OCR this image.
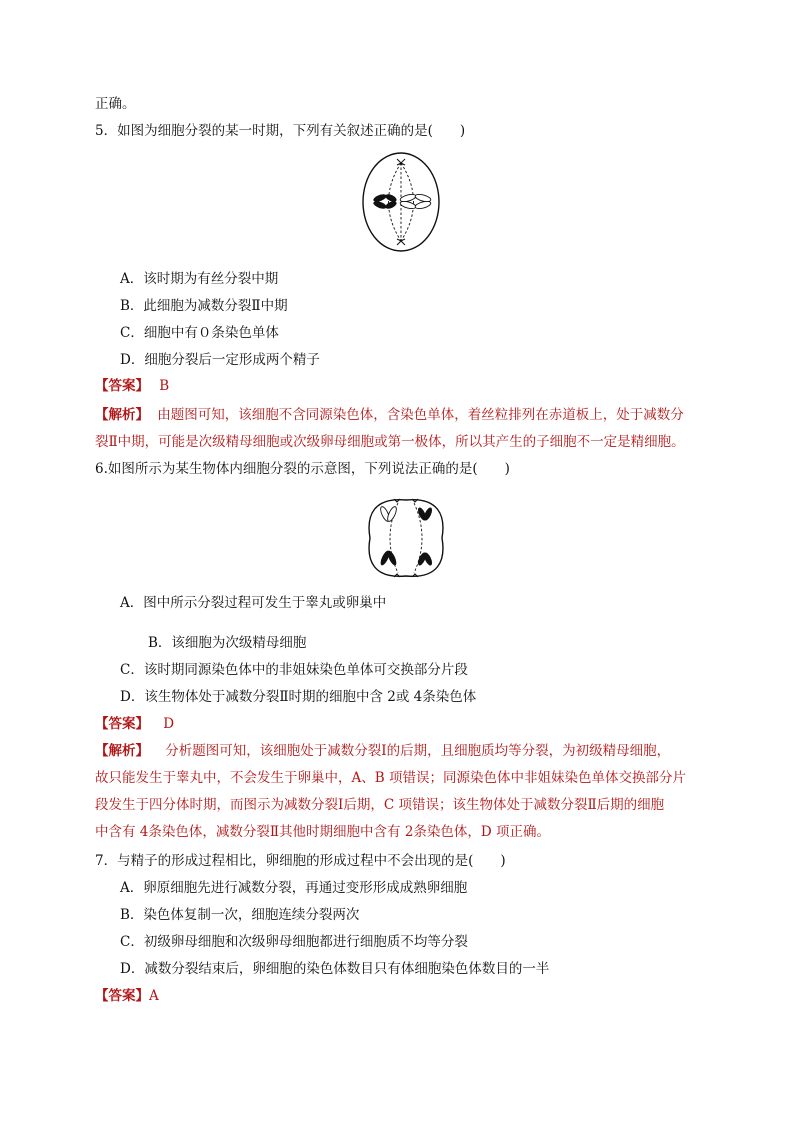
正确。
5．如图为细胞分裂的某一时期，下列有关叙述正确的是(　　)
A．该时期为有丝分裂中期
B．此细胞为减数分裂Ⅱ中期
C．细胞中有０条染色单体
D．细胞分裂后一定形成两个精子
【答案】 B
【解析】 由题图可知，该细胞不含同源染色体，含染色单体，着丝粒排列在赤道板上，处于减数分
裂Ⅱ中期，可能是次级精母细胞或次级卵母细胞或第一极体，所以其产生的子细胞不一定是精细胞。
6.如图所示为某生物体内细胞分裂的示意图，下列说法正确的是(　　)
A．图中所示分裂过程可发生于睾丸或卵巢中
B．该细胞为次级精母细胞
C．该时期同源染色体中的非姐妹染色单体可交换部分片段
D．该生物体处于减数分裂Ⅱ时期的细胞中含 2或 4条染色体
【答案】 D
【解析】 分析题图可知，该细胞处于减数分裂Ⅰ的后期，且细胞质均等分裂，为初级精母细胞，
故只能发生于睾丸中，不会发生于卵巢中，A、B 项错误；同源染色体中非姐妹染色单体交换部分片
段发生于四分体时期，而图示为减数分裂Ⅰ后期，C 项错误；该生物体处于减数分裂Ⅱ后期的细胞
中含有 4条染色体，减数分裂Ⅱ其他时期细胞中含有 2条染色体，D 项正确。
7．与精子的形成过程相比，卵细胞的形成过程中不会出现的是(　　)
A．卵原细胞先进行减数分裂，再通过变形形成成熟卵细胞
B．染色体复制一次，细胞连续分裂两次
C．初级卵母细胞和次级卵母细胞都进行细胞质不均等分裂
D．减数分裂结束后，卵细胞的染色体数目只有体细胞染色体数目的一半
【答案】A
